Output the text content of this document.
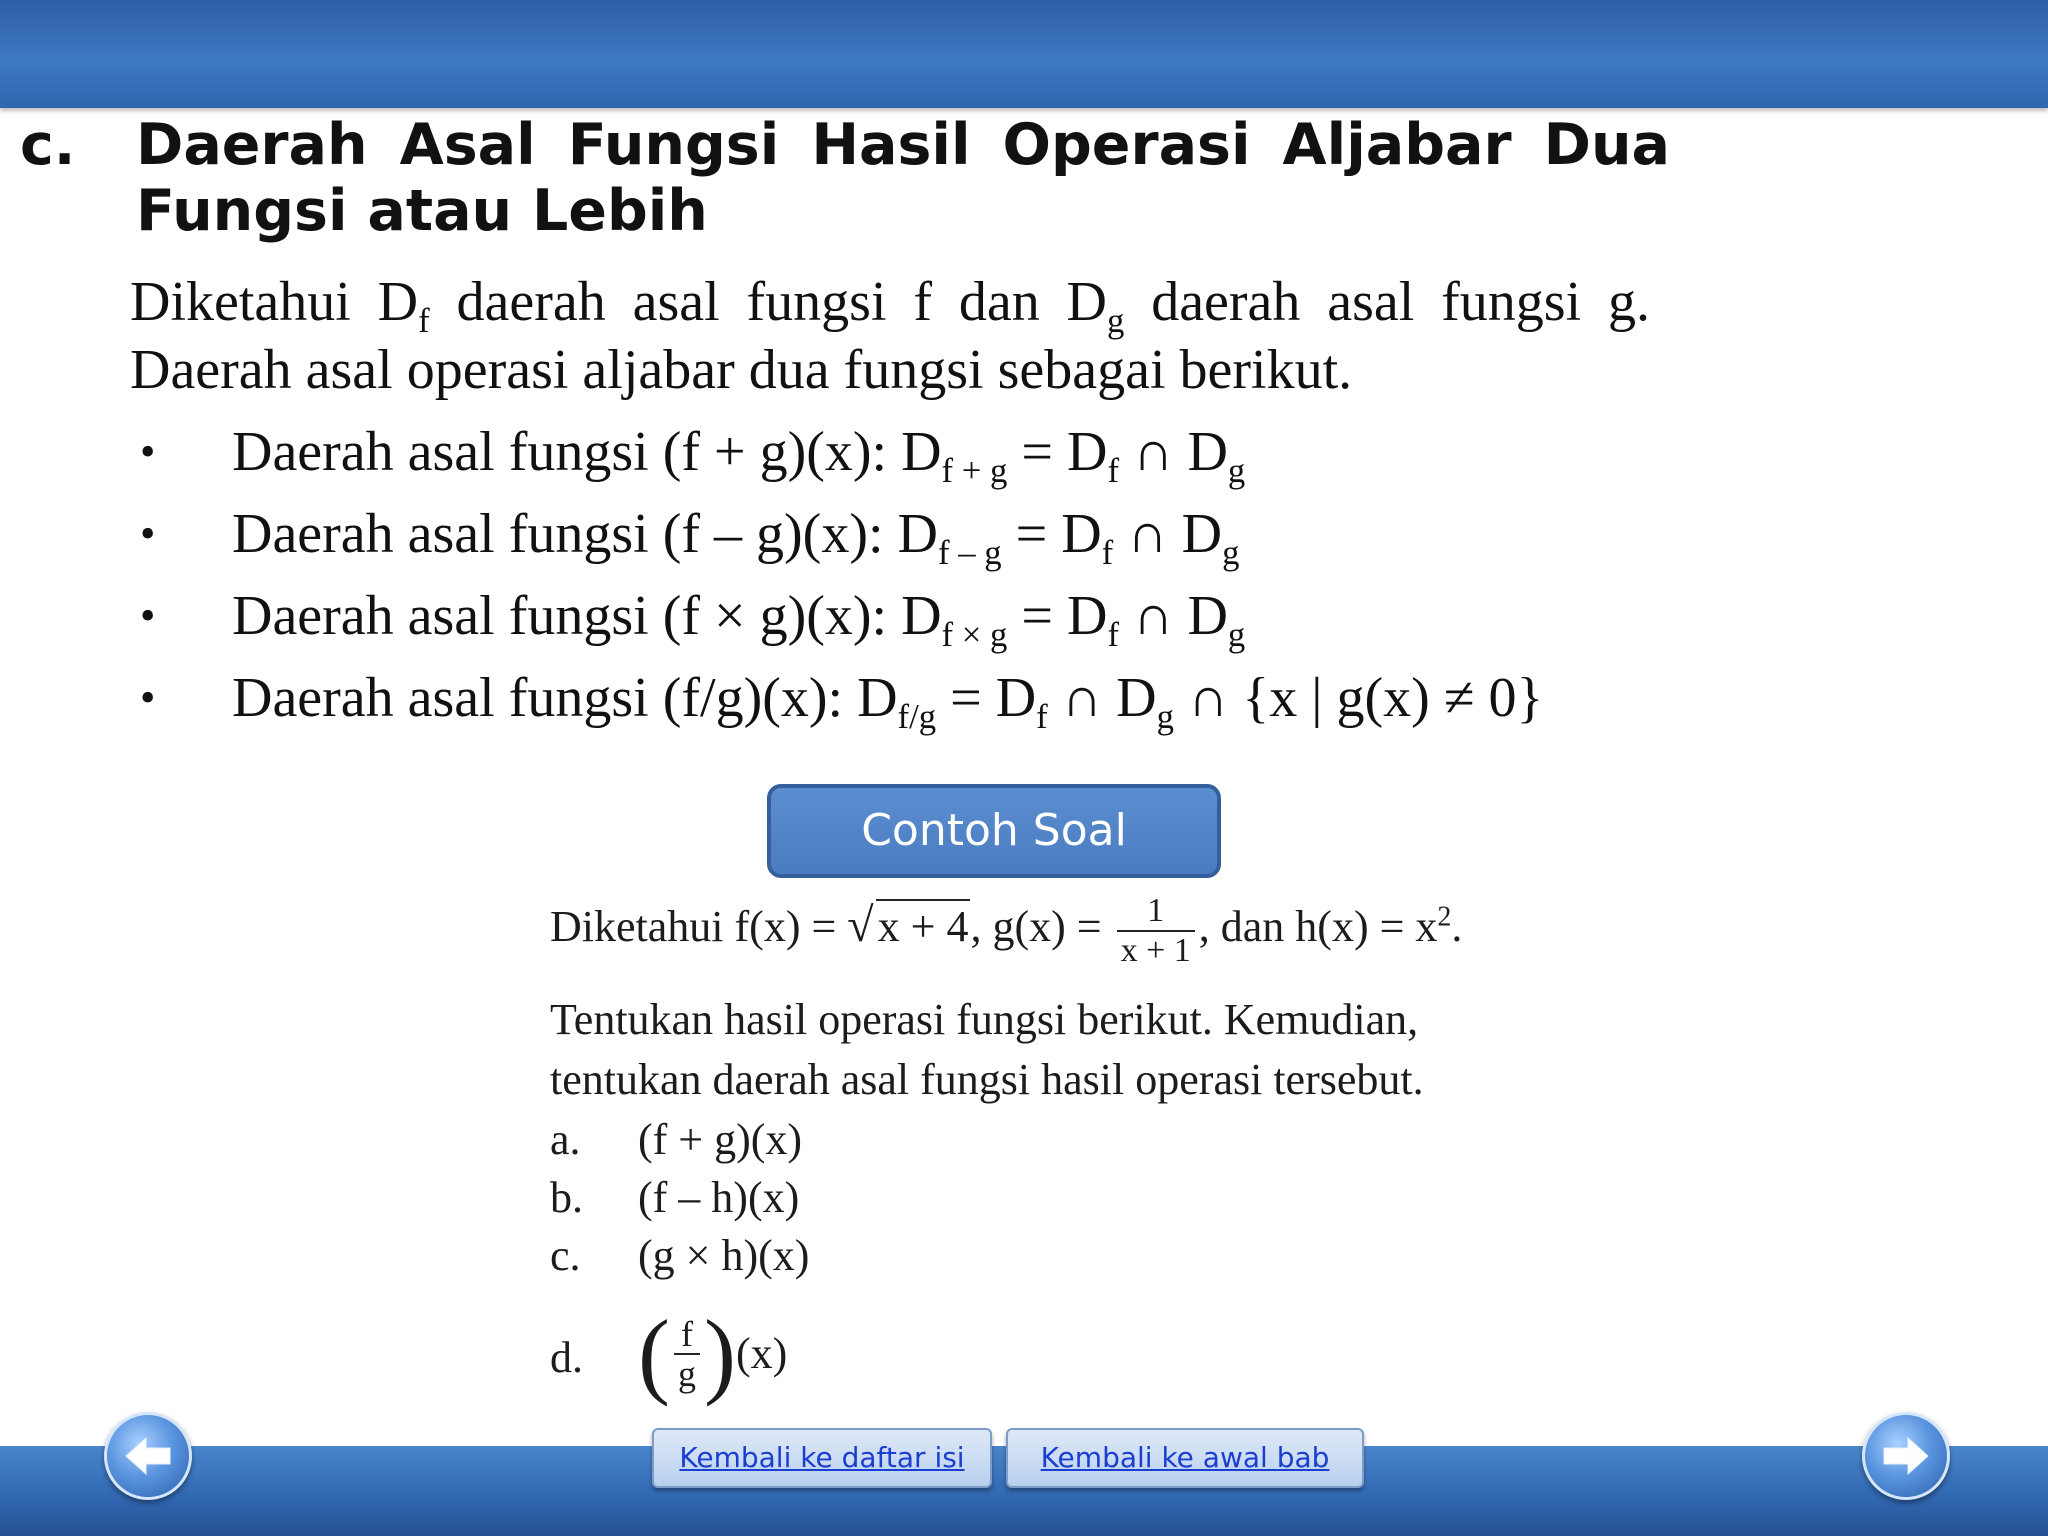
c. Daerah Asal Fungsi Hasil Operasi Aljabar Dua Fungsi atau Lebih
Diketahui $D_f$ daerah asal fungsi f dan $D_g$ daerah asal fungsi g.
Daerah asal operasi aljabar dua fungsi sebagai berikut.
• Daerah asal fungsi (f + g)(x): $D_{f + g} = D_f$ ∩ $D_g$
• Daerah asal fungsi (f – g)(x): $D_{f - g} = D_f$ ∩ $D_g$
• Daerah asal fungsi (f × g)(x): $D_{f \times g} = D_f$ ∩ $D_g$
• Daerah asal fungsi (f/g)(x): $D_{f/g} = D_f$ ∩ $D_g$ ∩ {x | g(x) ≠ 0}
Contoh Soal
Diketahui f(x) = √x + 4, $g(x) = \frac{1}{x + 1}$ , dan $h(x) = x^2$.
Tentukan hasil operasi fungsi berikut. Kemudian,
tentukan daerah asal fungsi hasil operasi tersebut.
a. (f + g)(x)
b. (f – h)(x)
c. (g × h)(x)
d. ( $\frac{f}{g} )(x)$
Kembali ke daftar isi	Kembali ke awal bab
